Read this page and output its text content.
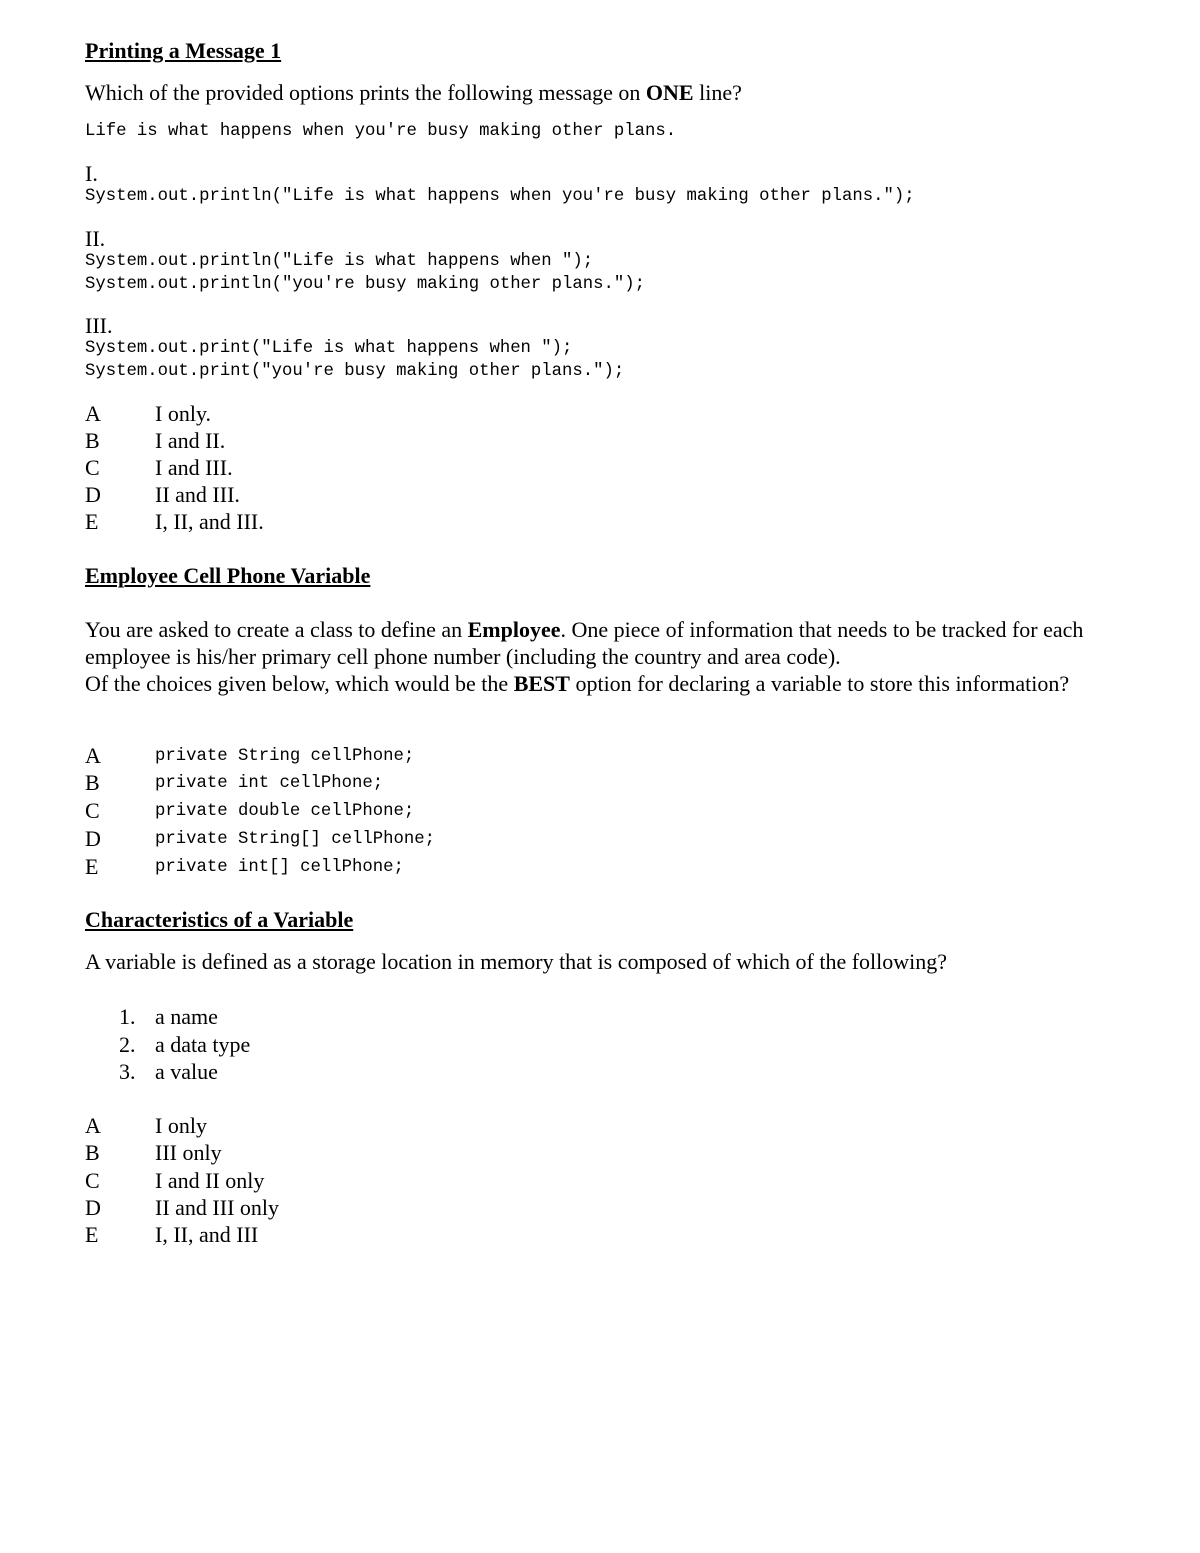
Printing a Message 1
Which of the provided options prints the following message on ONE line?
Life is what happens when you're busy making other plans.
I.
System.out.println("Life is what happens when you're busy making other plans.");
II.
System.out.println("Life is what happens when ");
System.out.println("you're busy making other plans.");
III.
System.out.print("Life is what happens when ");
System.out.print("you're busy making other plans.");
A I only.
B	I and II.
C	I and III.
D II and III.
E	I, II, and III.
Employee Cell Phone Variable
You are asked to create a class to define an Employee. One piece of information that needs to be tracked for each employee is his/her primary cell phone number (including the country and area code).
Of the choices given below, which would be the BEST option for declaring a variable to store this information?
A	private String cellPhone;
B	private int cellPhone;
C	private double cellPhone;
D	private String[] cellPhone;
E	private int[] cellPhone;
Characteristics of a Variable
A variable is defined as a storage location in memory that is composed of which of the following?
1. a name
2. a data type
3. a value
A I only
B	III only
C	I and II only
D II and III only
E	I, II, and III
